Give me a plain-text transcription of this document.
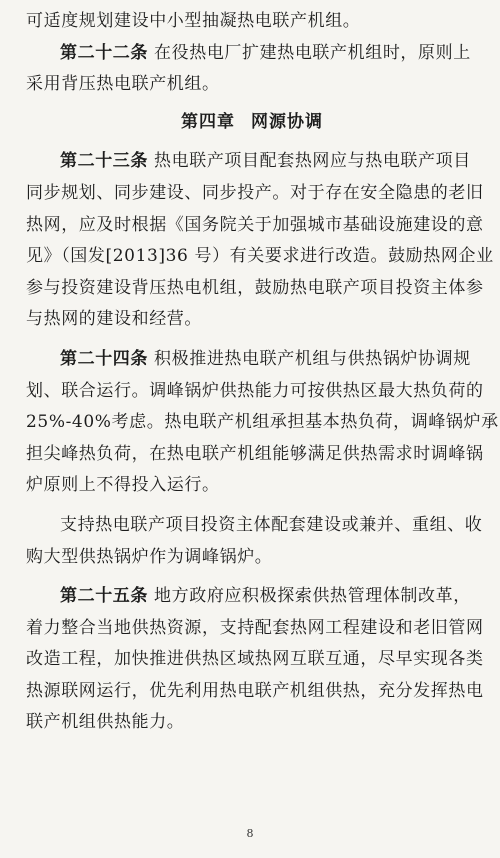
可适度规划建设中小型抽凝热电联产机组。
第二十二条 在役热电厂扩建热电联产机组时，原则上
采用背压热电联产机组。
第四章 网源协调
第二十三条 热电联产项目配套热网应与热电联产项目
同步规划、同步建设、同步投产。对于存在安全隐患的老旧
热网，应及时根据《国务院关于加强城市基础设施建设的意
见》（国发[2013]36 号）有关要求进行改造。鼓励热网企业
参与投资建设背压热电机组，鼓励热电联产项目投资主体参
与热网的建设和经营。
第二十四条 积极推进热电联产机组与供热锅炉协调规
划、联合运行。调峰锅炉供热能力可按供热区最大热负荷的
25%-40%考虑。热电联产机组承担基本热负荷，调峰锅炉承
担尖峰热负荷，在热电联产机组能够满足供热需求时调峰锅
炉原则上不得投入运行。
支持热电联产项目投资主体配套建设或兼并、重组、收
购大型供热锅炉作为调峰锅炉。
第二十五条 地方政府应积极探索供热管理体制改革，
着力整合当地供热资源，支持配套热网工程建设和老旧管网
改造工程，加快推进供热区域热网互联互通，尽早实现各类
热源联网运行，优先利用热电联产机组供热，充分发挥热电
联产机组供热能力。
8
